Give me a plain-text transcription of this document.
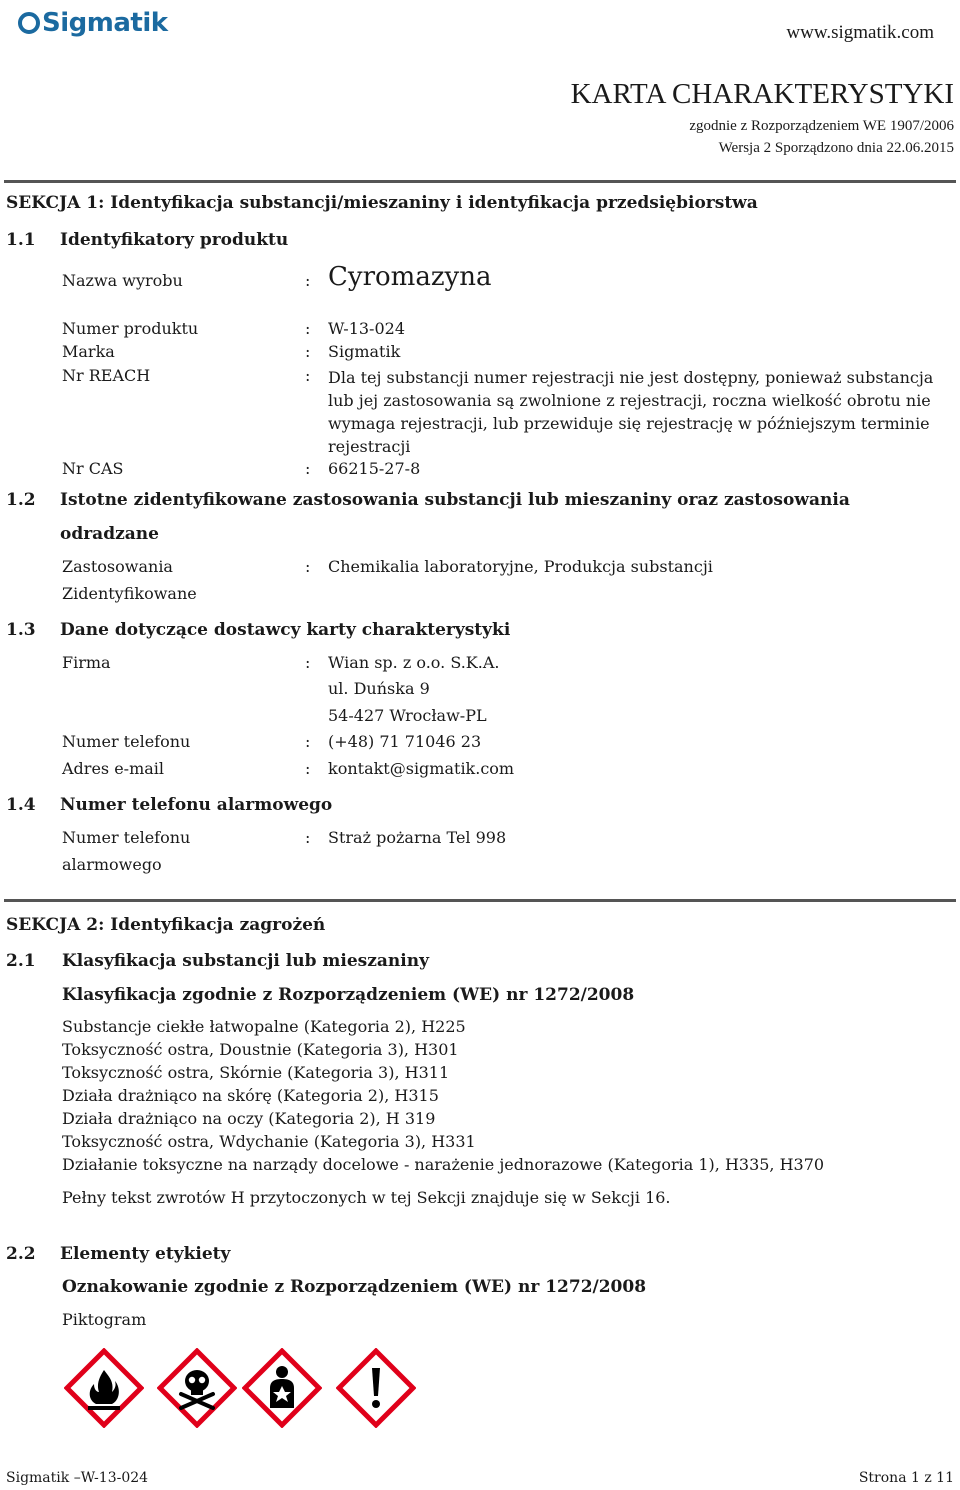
Sigmatik	www.sigmatik.com
KARTA CHARAKTERYSTYKI
zgodnie z Rozporządzeniem WE 1907/2006
Wersja 2 Sporządzono dnia 22.06.2015
SEKCJA 1: Identyfikacja substancji/mieszaniny i identyfikacja przedsiębiorstwa
1.1 Identyfikatory produktu
Nazwa wyrobu	: Cyromazyna
Numer produktu	: W-13-024
Marka	: Sigmatik
Nr REACH	: Dla tej substancji numer rejestracji nie jest dostępny, ponieważ substancja lub jej zastosowania są zwolnione z rejestracji, roczna wielkość obrotu nie wymaga rejestracji, lub przewiduje się rejestrację w późniejszym terminie rejestracji
Nr CAS	: 66215-27-8
1.2 Istotne zidentyfikowane zastosowania substancji lub mieszaniny oraz zastosowania
odradzane
Zastosowania
Zidentyfikowane
: Chemikalia laboratoryjne, Produkcja substancji
1.3 Dane dotyczące dostawcy karty charakterystyki
Firma	: Wian sp. z o.o. S.K.A.
ul. Duńska 9
54-427 Wrocław-PL
Numer telefonu	: (+48) 71 71046 23
Adres e-mail	: kontakt@sigmatik.com
1.4 Numer telefonu alarmowego
Numer telefonu
alarmowego
: Straż pożarna Tel 998
SEKCJA 2: Identyfikacja zagrożeń
2.1 Klasyfikacja substancji lub mieszaniny
Klasyfikacja zgodnie z Rozporządzeniem (WE) nr 1272/2008
Substancje ciekłe łatwopalne (Kategoria 2), H225
Toksyczność ostra, Doustnie (Kategoria 3), H301
Toksyczność ostra, Skórnie (Kategoria 3), H311
Działa drażniąco na skórę (Kategoria 2), H315
Działa drażniąco na oczy (Kategoria 2), H 319
Toksyczność ostra, Wdychanie (Kategoria 3), H331
Działanie toksyczne na narządy docelowe - narażenie jednorazowe (Kategoria 1), H335, H370
Pełny tekst zwrotów H przytoczonych w tej Sekcji znajduje się w Sekcji 16.
2.2 Elementy etykiety
Oznakowanie zgodnie z Rozporządzeniem (WE) nr 1272/2008
Piktogram
Sigmatik –W-13-024	Strona 1 z 11
